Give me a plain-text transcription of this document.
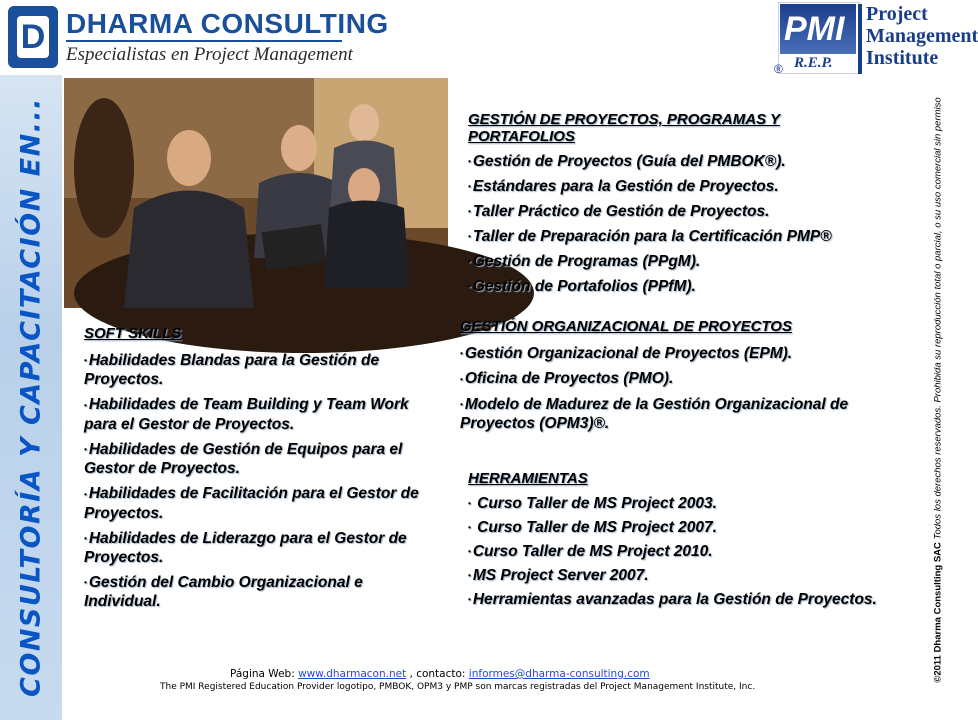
CONSULTORÍA Y CAPACITACIÓN EN...
D DHARMA CONSULTING
Especialistas en Project Management
PMI
® R.E.P.
Project
Management
Institute
GESTIÓN DE PROYECTOS, PROGRAMAS Y PORTAFOLIOS
• Gestión de Proyectos (Guía del PMBOK®).
• Estándares para la Gestión de Proyectos.
• Taller Práctico de Gestión de Proyectos.
• Taller de Preparación para la Certificación PMP®
• Gestión de Programas (PPgM).
• Gestión de Portafolios (PPfM).
GESTIÓN ORGANIZACIONAL DE PROYECTOS
• Gestión Organizacional de Proyectos (EPM).
• Oficina de Proyectos (PMO).
• Modelo de Madurez de la Gestión Organizacional de Proyectos (OPM3)®.
SOFT SKILLS
• Habilidades Blandas para la Gestión de Proyectos.
• Habilidades de Team Building y Team Work para el Gestor de Proyectos.
• Habilidades de Gestión de Equipos para el Gestor de Proyectos.
• Habilidades de Facilitación para el Gestor de Proyectos.
• Habilidades de Liderazgo para el Gestor de Proyectos.
• Gestión del Cambio Organizacional e Individual.
HERRAMIENTAS
• Curso Taller de MS Project 2003.
• Curso Taller de MS Project 2007.
• Curso Taller de MS Project 2010.
• MS Project Server 2007.
• Herramientas avanzadas para la Gestión de Proyectos.
Página Web: www.dharmacon.net , contacto: informes@dharma-consulting.com
The PMI Registered Education Provider logotipo, PMBOK, OPM3 y PMP son marcas registradas del Project Management Institute, Inc.
©2011 Dharma Consulting SAC Todos los derechos reservados. Prohibida su reproducción total o parcial, o su uso comercial sin permiso
